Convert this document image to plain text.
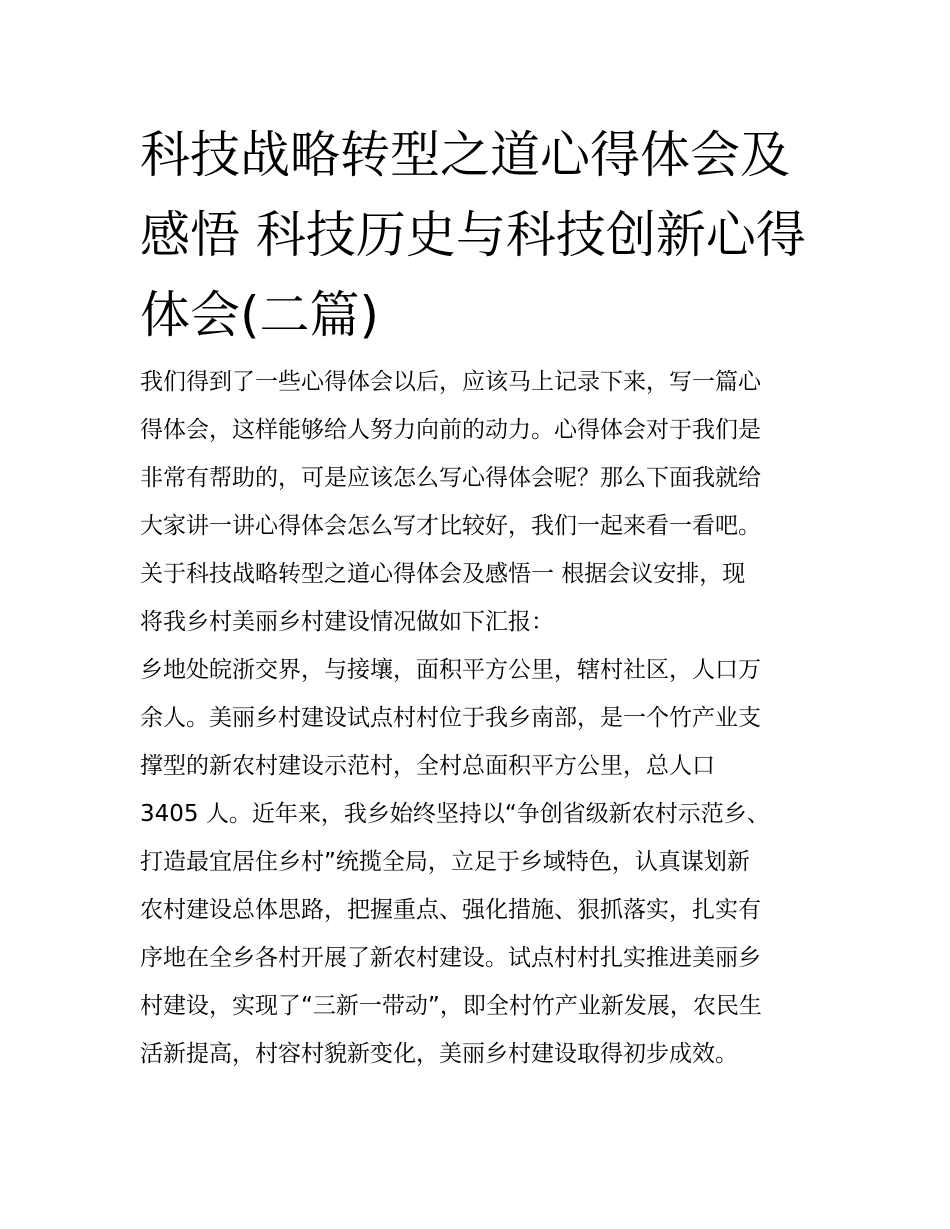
科技战略转型之道心得体会及
感悟 科技历史与科技创新心得
体会(二篇)
我们得到了一些心得体会以后，应该马上记录下来，写一篇心
得体会，这样能够给人努力向前的动力。心得体会对于我们是
非常有帮助的，可是应该怎么写心得体会呢？那么下面我就给
大家讲一讲心得体会怎么写才比较好，我们一起来看一看吧。
关于科技战略转型之道心得体会及感悟一 根据会议安排，现
将我乡村美丽乡村建设情况做如下汇报：
乡地处皖浙交界，与接壤，面积平方公里，辖村社区，人口万
余人。美丽乡村建设试点村村位于我乡南部，是一个竹产业支
撑型的新农村建设示范村，全村总面积平方公里，总人口
3405 人。近年来，我乡始终坚持以“争创省级新农村示范乡、
打造最宜居住乡村”统揽全局，立足于乡域特色，认真谋划新
农村建设总体思路，把握重点、强化措施、狠抓落实，扎实有
序地在全乡各村开展了新农村建设。试点村村扎实推进美丽乡
村建设，实现了“三新一带动”，即全村竹产业新发展，农民生
活新提高，村容村貌新变化，美丽乡村建设取得初步成效。
